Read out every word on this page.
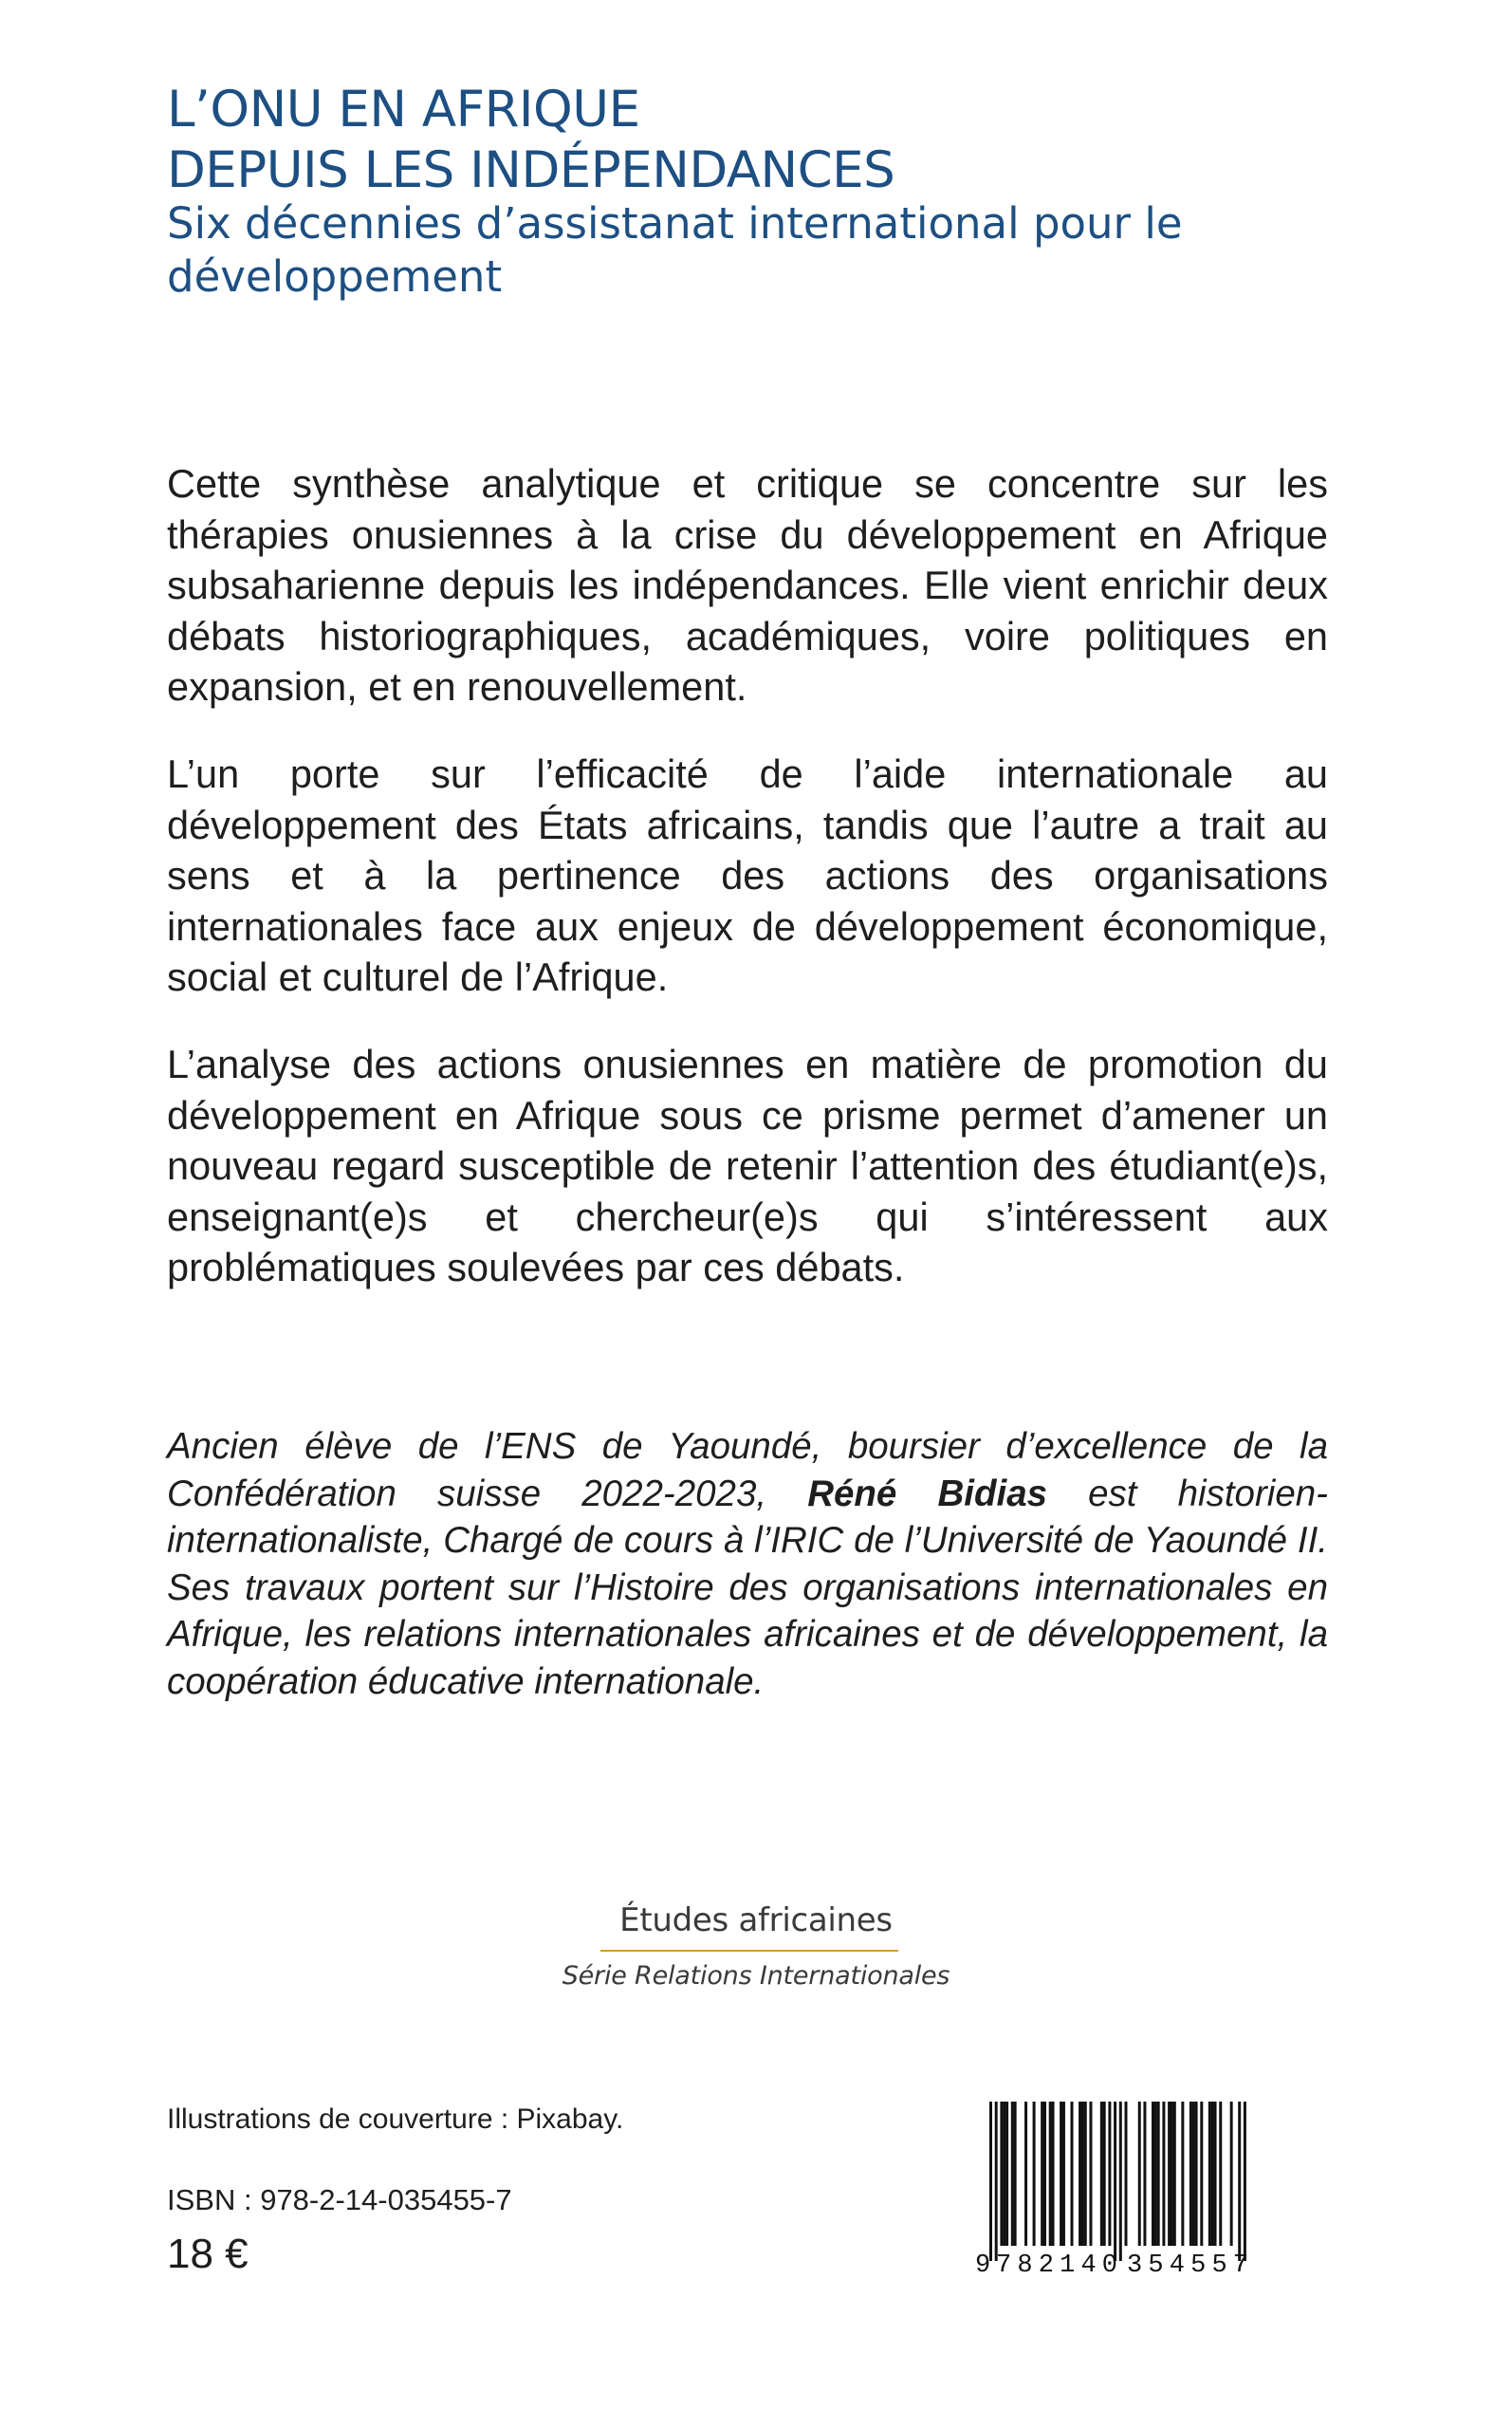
L’ONU EN AFRIQUE
DEPUIS LES INDÉPENDANCES
Six décennies d’assistanat international pour le développement
Cette synthèse analytique et critique se concentre sur les thérapies onusiennes à la crise du développement en Afrique subsaharienne depuis les indépendances. Elle vient enrichir deux débats historiographiques, académiques, voire politiques en expansion, et en renouvellement.
L’un porte sur l’efficacité de l’aide internationale au développement des États africains, tandis que l’autre a trait au sens et à la pertinence des actions des organisations internationales face aux enjeux de développement économique, social et culturel de l’Afrique.
L’analyse des actions onusiennes en matière de promotion du développement en Afrique sous ce prisme permet d’amener un nouveau regard susceptible de retenir l’attention des étudiant(e)s, enseignant(e)s et chercheur(e)s qui s’intéressent aux problématiques soulevées par ces débats.
Ancien élève de l’ENS de Yaoundé, boursier d’excellence de la Confédération suisse 2022-2023, Réné Bidias est historien-internationaliste, Chargé de cours à l’IRIC de l’Université de Yaoundé II. Ses travaux portent sur l’Histoire des organisations internationales en Afrique, les relations internationales africaines et de développement, la coopération éducative internationale.
Études africaines
Série Relations Internationales
Illustrations de couverture : Pixabay.
ISBN : 978-2-14-035455-7
18 €	9 782140 354557
